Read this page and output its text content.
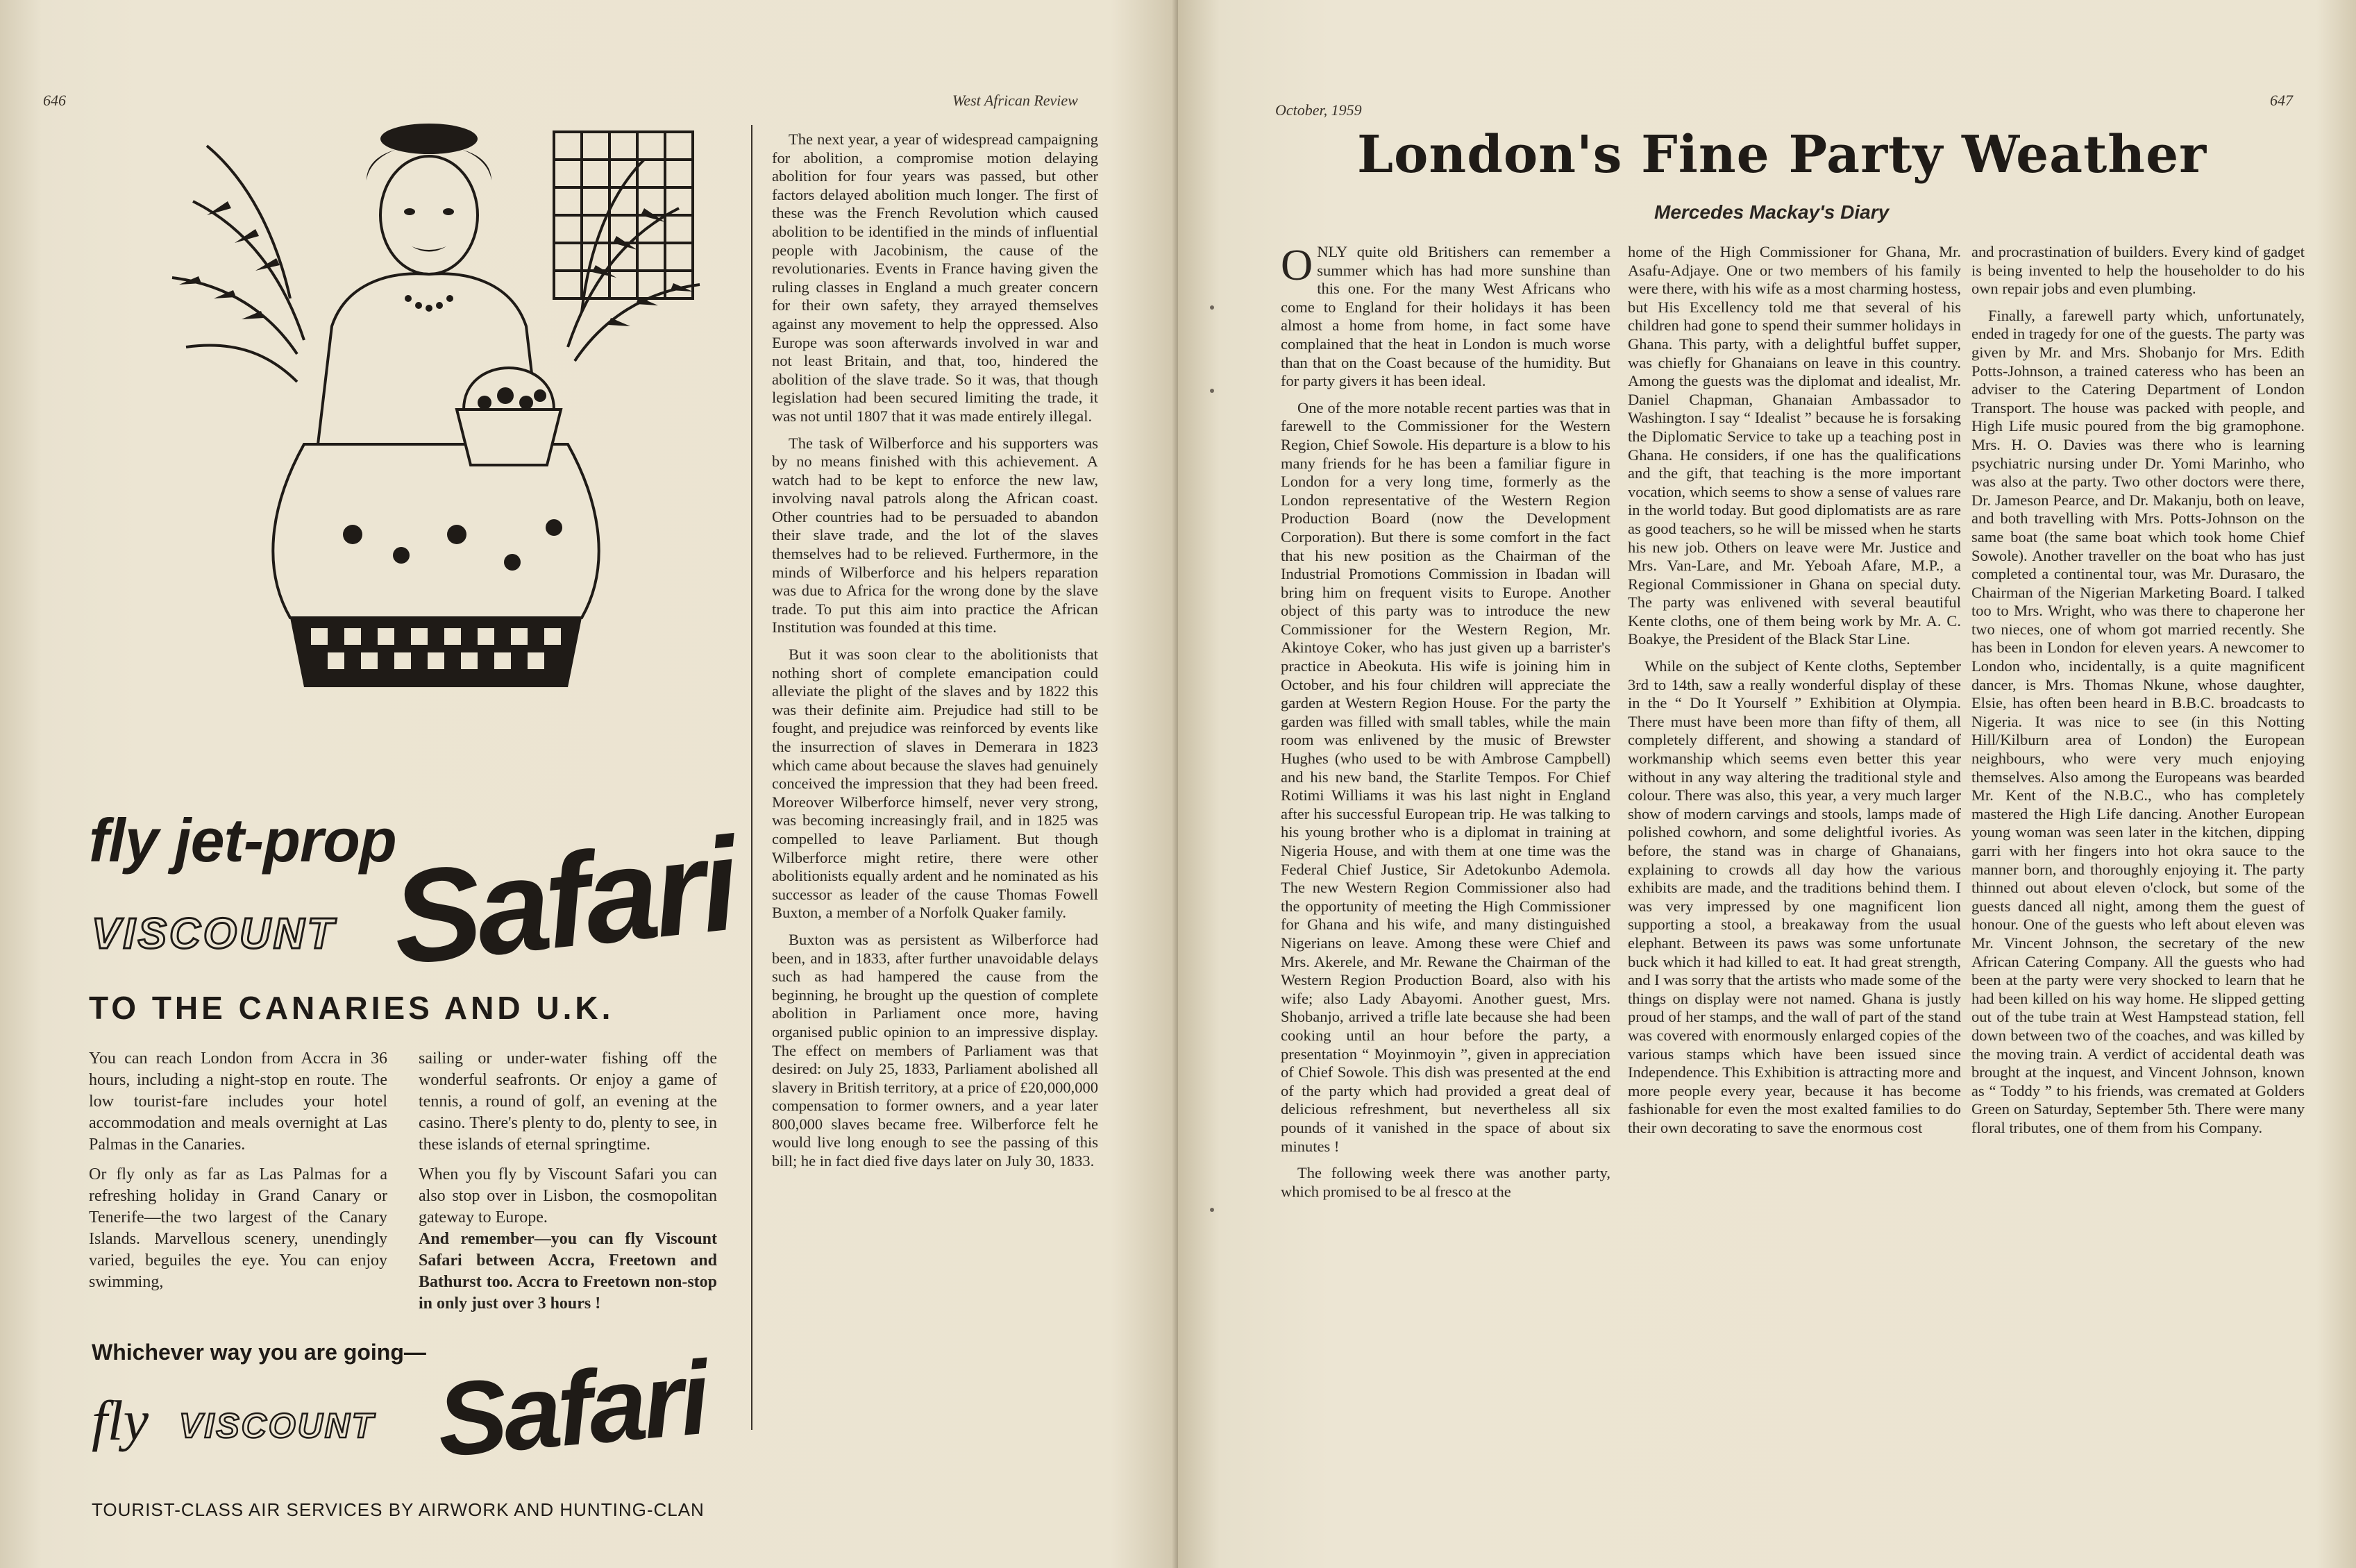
646	West African Review
fly jet-prop
VISCOUNT Safari
TO THE CANARIES AND U.K.

You can reach London from Accra in 36 hours, including a night-stop en route. The low tourist-fare includes your hotel accommodation and meals overnight at Las Palmas in the Canaries.

Or fly only as far as Las Palmas for a refreshing holiday in Grand Canary or Tenerife—the two largest of the Canary Islands. Marvellous scenery, unendingly varied, beguiles the eye. You can enjoy swimming,

sailing or under-water fishing off the wonderful seafronts. Or enjoy a game of tennis, a round of golf, an evening at the casino. There's plenty to do, plenty to see, in these islands of eternal springtime.

When you fly by Viscount Safari you can also stop over in Lisbon, the cosmopolitan gateway to Europe.

And remember—you can fly Viscount Safari between Accra, Freetown and Bathurst too. Accra to Freetown non-stop in only just over 3 hours !

Whichever way you are going—
fly VISCOUNT Safari
TOURIST-CLASS AIR SERVICES BY AIRWORK AND HUNTING-CLAN

The next year, a year of widespread campaigning for abolition, a compromise motion delaying abolition for four years was passed, but other factors delayed abolition much longer. The first of these was the French Revolution which caused abolition to be identified in the minds of influential people with Jacobinism, the cause of the revolutionaries. Events in France having given the ruling classes in England a much greater concern for their own safety, they arrayed themselves against any movement to help the oppressed. Also Europe was soon afterwards involved in war and not least Britain, and that, too, hindered the abolition of the slave trade. So it was, that though legislation had been secured limiting the trade, it was not until 1807 that it was made entirely illegal.

The task of Wilberforce and his supporters was by no means finished with this achievement. A watch had to be kept to enforce the new law, involving naval patrols along the African coast. Other countries had to be persuaded to abandon their slave trade, and the lot of the slaves themselves had to be relieved. Furthermore, in the minds of Wilberforce and his helpers reparation was due to Africa for the wrong done by the slave trade. To put this aim into practice the African Institution was founded at this time.

But it was soon clear to the abolitionists that nothing short of complete emancipation could alleviate the plight of the slaves and by 1822 this was their definite aim. Prejudice had still to be fought, and prejudice was reinforced by events like the insurrection of slaves in Demerara in 1823 which came about because the slaves had genuinely conceived the impression that they had been freed. Moreover Wilberforce himself, never very strong, was becoming increasingly frail, and in 1825 was compelled to leave Parliament. But though Wilberforce might retire, there were other abolitionists equally ardent and he nominated as his successor as leader of the cause Thomas Fowell Buxton, a member of a Norfolk Quaker family.

Buxton was as persistent as Wilberforce had been, and in 1833, after further unavoidable delays such as had hampered the cause from the beginning, he brought up the question of complete abolition in Parliament once more, having organised public opinion to an impressive display. The effect on members of Parliament was that desired: on July 25, 1833, Parliament abolished all slavery in British territory, at a price of £20,000,000 compensation to former owners, and a year later 800,000 slaves became free. Wilberforce felt he would live long enough to see the passing of this bill; he in fact died five days later on July 30, 1833.

October, 1959
647
London's Fine Party Weather
Mercedes Mackay's Diary

ONLY quite old Britishers can remember a summer which has had more sunshine than this one. For the many West Africans who come to England for their holidays it has been almost a home from home, in fact some have complained that the heat in London is much worse than that on the Coast because of the humidity. But for party givers it has been ideal.

One of the more notable recent parties was that in farewell to the Commissioner for the Western Region, Chief Sowole. His departure is a blow to his many friends for he has been a familiar figure in London for a very long time, formerly as the London representative of the Western Region Production Board (now the Development Corporation). But there is some comfort in the fact that his new position as the Chairman of the Industrial Promotions Commission in Ibadan will bring him on frequent visits to Europe. Another object of this party was to introduce the new Commissioner for the Western Region, Mr. Akintoye Coker, who has just given up a barrister's practice in Abeokuta. His wife is joining him in October, and his four children will appreciate the garden at Western Region House. For the party the garden was filled with small tables, while the main room was enlivened by the music of Brewster Hughes (who used to be with Ambrose Campbell) and his new band, the Starlite Tempos. For Chief Rotimi Williams it was his last night in England after his successful European trip. He was talking to his young brother who is a diplomat in training at Nigeria House, and with them at one time was the Federal Chief Justice, Sir Adetokunbo Ademola. The new Western Region Commissioner also had the opportunity of meeting the High Commissioner for Ghana and his wife, and many distinguished Nigerians on leave. Among these were Chief and Mrs. Akerele, and Mr. Rewane the Chairman of the Western Region Production Board, also with his wife; also Lady Abayomi. Another guest, Mrs. Shobanjo, arrived a trifle late because she had been cooking until an hour before the party, a presentation “ Moyinmoyin ”, given in appreciation of Chief Sowole. This dish was presented at the end of the party which had provided a great deal of delicious refreshment, but nevertheless all six pounds of it vanished in the space of about six minutes !

The following week there was another party, which promised to be al fresco at the

home of the High Commissioner for Ghana, Mr. Asafu-Adjaye. One or two members of his family were there, with his wife as a most charming hostess, but His Excellency told me that several of his children had gone to spend their summer holidays in Ghana. This party, with a delightful buffet supper, was chiefly for Ghanaians on leave in this country. Among the guests was the diplomat and idealist, Mr. Daniel Chapman, Ghanaian Ambassador to Washington. I say “ Idealist ” because he is forsaking the Diplomatic Service to take up a teaching post in Ghana. He considers, if one has the qualifications and the gift, that teaching is the more important vocation, which seems to show a sense of values rare in the world today. But good diplomatists are as rare as good teachers, so he will be missed when he starts his new job. Others on leave were Mr. Justice and Mrs. Van-Lare, and Mr. Yeboah Afare, M.P., a Regional Commissioner in Ghana on special duty. The party was enlivened with several beautiful Kente cloths, one of them being work by Mr. A. C. Boakye, the President of the Black Star Line.

While on the subject of Kente cloths, September 3rd to 14th, saw a really wonderful display of these in the “ Do It Yourself ” Exhibition at Olympia. There must have been more than fifty of them, all completely different, and showing a standard of workmanship which seems even better this year without in any way altering the traditional style and colour. There was also, this year, a very much larger show of modern carvings and stools, lamps made of polished cowhorn, and some delightful ivories. As before, the stand was in charge of Ghanaians, explaining to crowds all day how the various exhibits are made, and the traditions behind them. I was very impressed by one magnificent lion supporting a stool, a breakaway from the usual elephant. Between its paws was some unfortunate buck which it had killed to eat. It had great strength, and I was sorry that the artists who made some of the things on display were not named. Ghana is justly proud of her stamps, and the wall of part of the stand was covered with enormously enlarged copies of the various stamps which have been issued since Independence. This Exhibition is attracting more and more people every year, because it has become fashionable for even the most exalted families to do their own decorating to save the enormous cost

and procrastination of builders. Every kind of gadget is being invented to help the householder to do his own repair jobs and even plumbing.

Finally, a farewell party which, unfortunately, ended in tragedy for one of the guests. The party was given by Mr. and Mrs. Shobanjo for Mrs. Edith Potts-Johnson, a trained cateress who has been an adviser to the Catering Department of London Transport. The house was packed with people, and High Life music poured from the big gramophone. Mrs. H. O. Davies was there who is learning psychiatric nursing under Dr. Yomi Marinho, who was also at the party. Two other doctors were there, Dr. Jameson Pearce, and Dr. Makanju, both on leave, and both travelling with Mrs. Potts-Johnson on the same boat (the same boat which took home Chief Sowole). Another traveller on the boat who has just completed a continental tour, was Mr. Durasaro, the Chairman of the Nigerian Marketing Board. I talked too to Mrs. Wright, who was there to chaperone her two nieces, one of whom got married recently. She has been in London for eleven years. A newcomer to London who, incidentally, is a quite magnificent dancer, is Mrs. Thomas Nkune, whose daughter, Elsie, has often been heard in B.B.C. broadcasts to Nigeria. It was nice to see (in this Notting Hill/Kilburn area of London) the European neighbours, who were very much enjoying themselves. Also among the Europeans was bearded Mr. Kent of the N.B.C., who has completely mastered the High Life dancing. Another European young woman was seen later in the kitchen, dipping garri with her fingers into hot okra sauce to the manner born, and thoroughly enjoying it. The party thinned out about eleven o'clock, but some of the guests danced all night, among them the guest of honour. One of the guests who left about eleven was Mr. Vincent Johnson, the secretary of the new African Catering Company. All the guests who had been at the party were very shocked to learn that he had been killed on his way home. He slipped getting out of the tube train at West Hampstead station, fell down between two of the coaches, and was killed by the moving train. A verdict of accidental death was brought at the inquest, and Vincent Johnson, known as “ Toddy ” to his friends, was cremated at Golders Green on Saturday, September 5th. There were many floral tributes, one of them from his Company.
